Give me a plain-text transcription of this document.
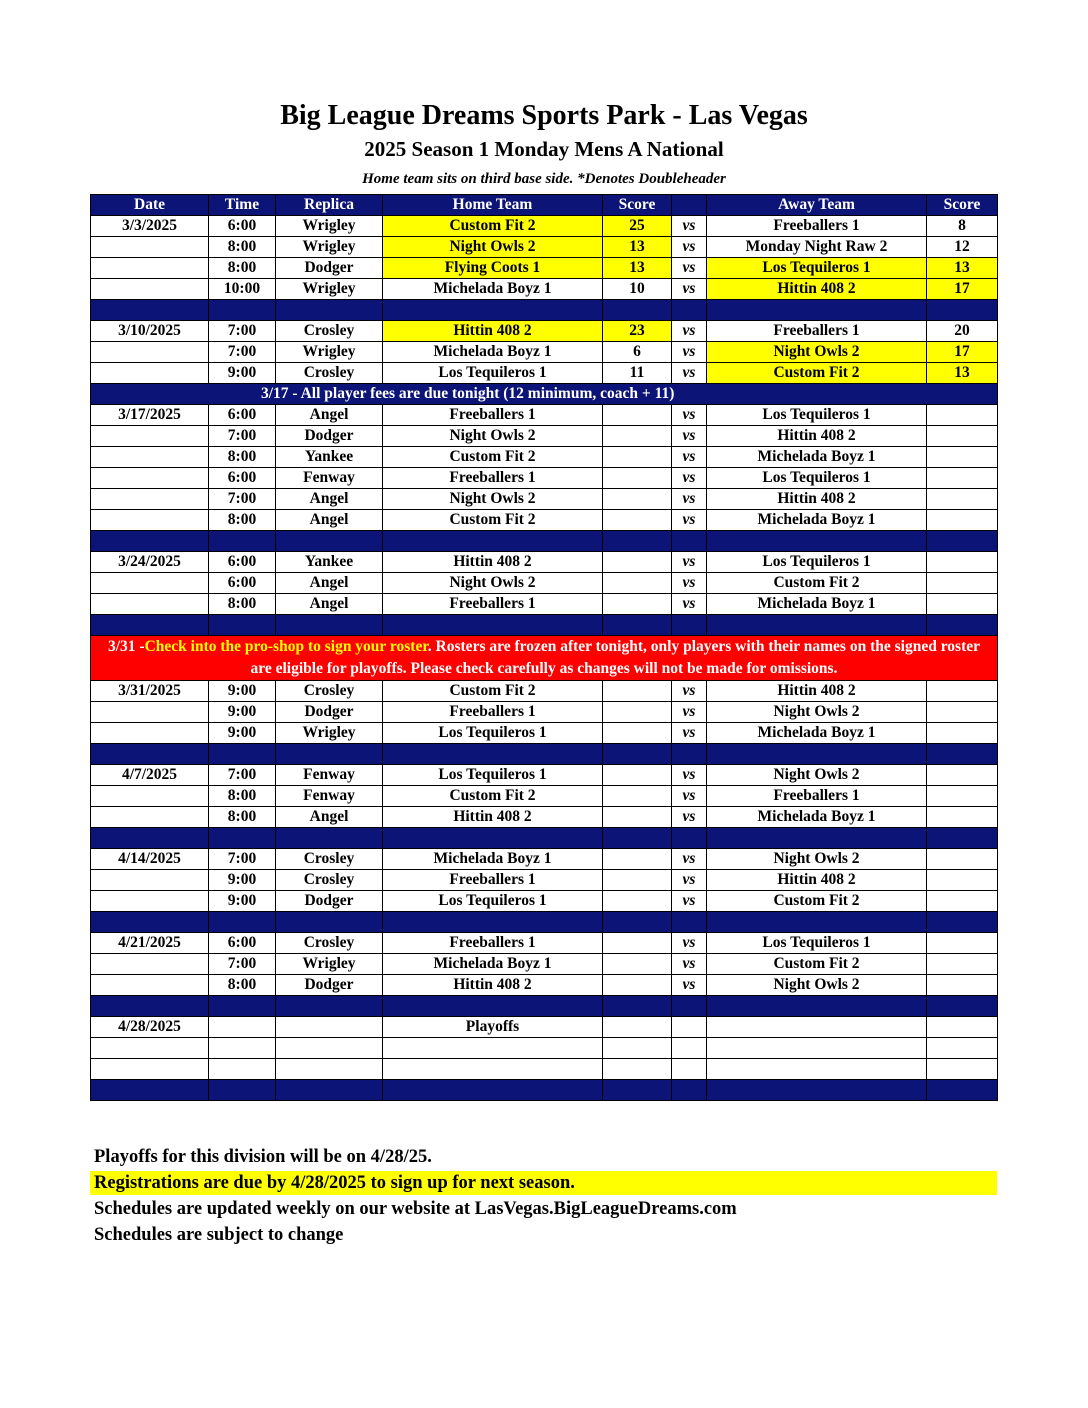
Big League Dreams Sports Park - Las Vegas
2025 Season 1 Monday Mens A National
Home team sits on third base side. *Denotes Doubleheader
Date	Time	Replica	Home Team	Score		Away Team	Score
3/3/2025	6:00	Wrigley	Custom Fit 2	25	vs	Freeballers 1	8
	8:00	Wrigley	Night Owls 2	13	vs	Monday Night Raw 2	12
	8:00	Dodger	Flying Coots 1	13	vs	Los Tequileros 1	13
	10:00	Wrigley	Michelada Boyz 1	10	vs	Hittin 408 2	17

3/10/2025	7:00	Crosley	Hittin 408 2	23	vs	Freeballers 1	20
	7:00	Wrigley	Michelada Boyz 1	6	vs	Night Owls 2	17
	9:00	Crosley	Los Tequileros 1	11	vs	Custom Fit 2	13
3/17 - All player fees are due tonight (12 minimum, coach + 11)							
3/17/2025	6:00	Angel	Freeballers 1		vs	Los Tequileros 1	
	7:00	Dodger	Night Owls 2		vs	Hittin 408 2	
	8:00	Yankee	Custom Fit 2		vs	Michelada Boyz 1	
	6:00	Fenway	Freeballers 1		vs	Los Tequileros 1	
	7:00	Angel	Night Owls 2		vs	Hittin 408 2	
	8:00	Angel	Custom Fit 2		vs	Michelada Boyz 1	

3/24/2025	6:00	Yankee	Hittin 408 2		vs	Los Tequileros 1	
	6:00	Angel	Night Owls 2		vs	Custom Fit 2	
	8:00	Angel	Freeballers 1		vs	Michelada Boyz 1	

3/31 -Check into the pro-shop to sign your roster. Rosters are frozen after tonight, only players with their names on the signed roster are eligible for playoffs. Please check carefully as changes will not be made for omissions.							
3/31/2025	9:00	Crosley	Custom Fit 2		vs	Hittin 408 2	
	9:00	Dodger	Freeballers 1		vs	Night Owls 2	
	9:00	Wrigley	Los Tequileros 1		vs	Michelada Boyz 1	

4/7/2025	7:00	Fenway	Los Tequileros 1		vs	Night Owls 2	
	8:00	Fenway	Custom Fit 2		vs	Freeballers 1	
	8:00	Angel	Hittin 408 2		vs	Michelada Boyz 1	

4/14/2025	7:00	Crosley	Michelada Boyz 1		vs	Night Owls 2	
	9:00	Crosley	Freeballers 1		vs	Hittin 408 2	
	9:00	Dodger	Los Tequileros 1		vs	Custom Fit 2	

4/21/2025	6:00	Crosley	Freeballers 1		vs	Los Tequileros 1	
	7:00	Wrigley	Michelada Boyz 1		vs	Custom Fit 2	
	8:00	Dodger	Hittin 408 2		vs	Night Owls 2	

4/28/2025			Playoffs				

Playoffs for this division will be on 4/28/25.
Registrations are due by 4/28/2025 to sign up for next season.
Schedules are updated weekly on our website at LasVegas.BigLeagueDreams.com
Schedules are subject to change
